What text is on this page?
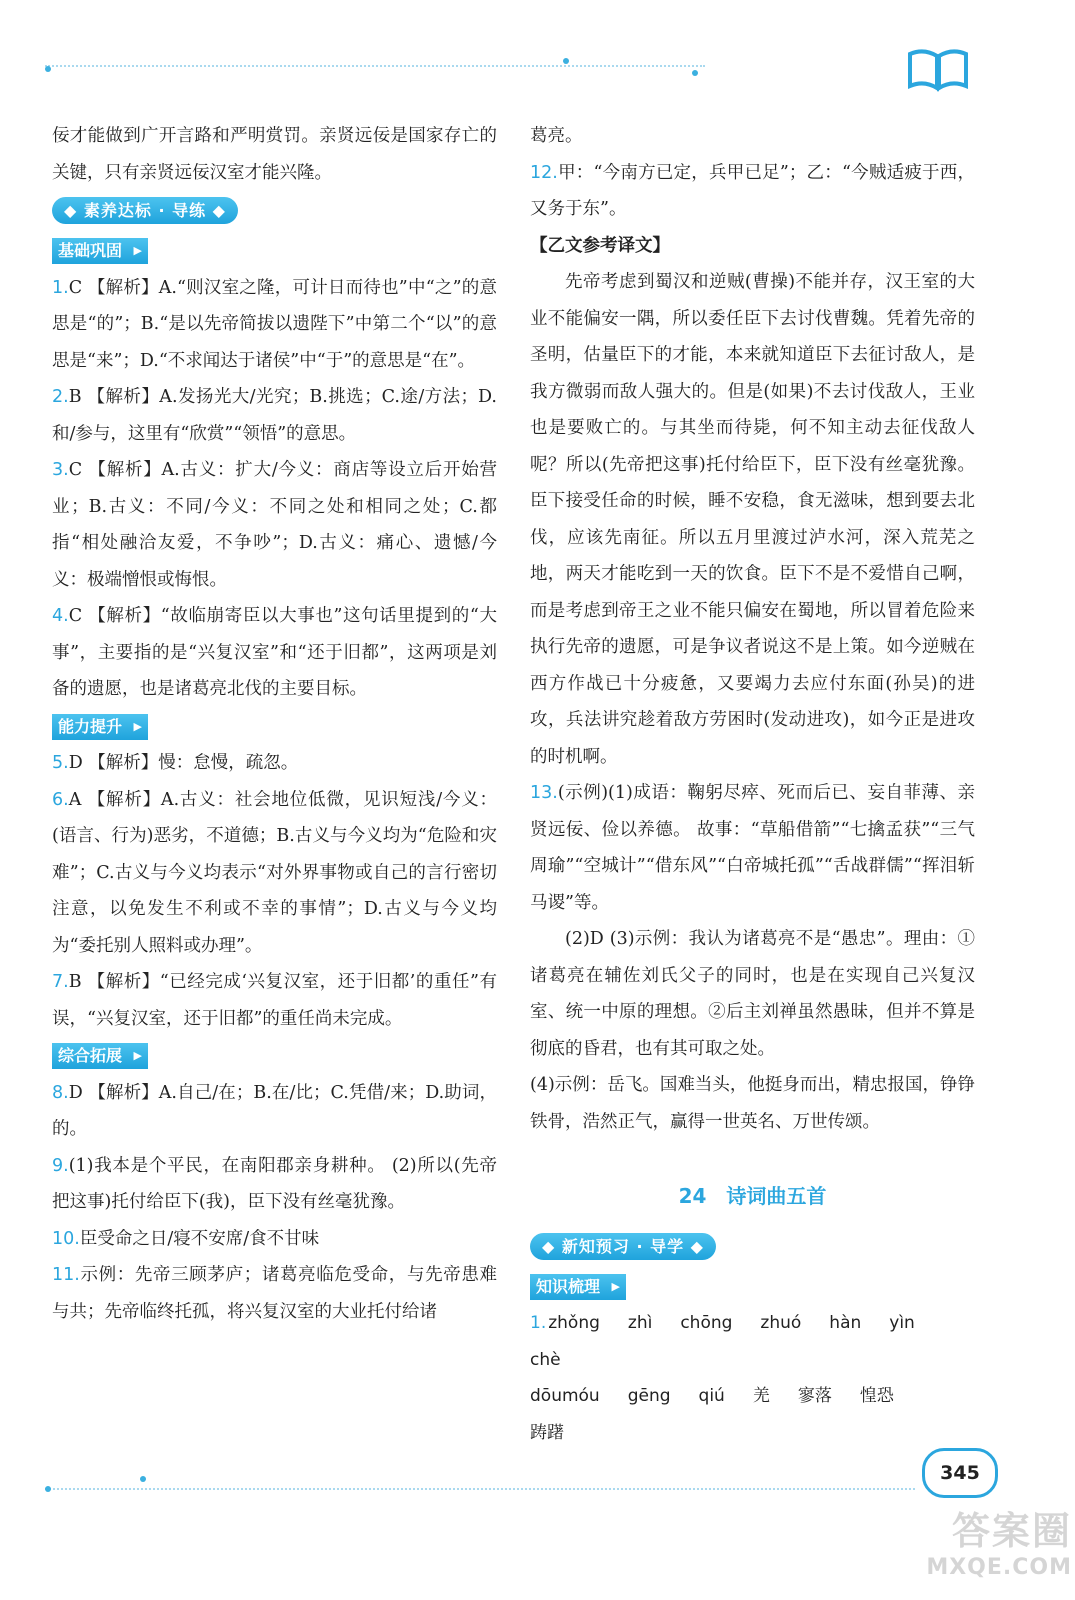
佞才能做到广开言路和严明赏罚。亲贤远佞是国家存亡的关键，只有亲贤远佞汉室才能兴隆。

◆ 素养达标 · 导练 ◆
基础巩固 ▶

1.C 【解析】A.“则汉室之隆，可计日而待也”中“之”的意思是“的”；B.“是以先帝简拔以遗陛下”中第二个“以”的意思是“来”；D.“不求闻达于诸侯”中“于”的意思是“在”。

2.B 【解析】A.发扬光大/光究；B.挑选；C.途/方法；D.和/参与，这里有“欣赏”“领悟”的意思。

3.C 【解析】A.古义：扩大/今义：商店等设立后开始营业；B.古义：不同/今义：不同之处和相同之处；C.都指“相处融洽友爱，不争吵”；D.古义：痛心、遗憾/今义：极端憎恨或悔恨。

4.C 【解析】“故临崩寄臣以大事也”这句话里提到的“大事”，主要指的是“兴复汉室”和“还于旧都”，这两项是刘备的遗愿，也是诸葛亮北伐的主要目标。

能力提升 ▶

5.D 【解析】慢：怠慢，疏忽。

6.A 【解析】A.古义：社会地位低微，见识短浅/今义：(语言、行为)恶劣，不道德；B.古义与今义均为“危险和灾难”；C.古义与今义均表示“对外界事物或自己的言行密切注意，以免发生不利或不幸的事情”；D.古义与今义均为“委托别人照料或办理”。

7.B 【解析】“已经完成‘兴复汉室，还于旧都’的重任”有误，“兴复汉室，还于旧都”的重任尚未完成。

综合拓展 ▶

8.D 【解析】A.自己/在；B.在/比；C.凭借/来；D.助词，的。

9.(1)我本是个平民，在南阳郡亲身耕种。 (2)所以(先帝把这事)托付给臣下(我)，臣下没有丝毫犹豫。

10.臣受命之日/寝不安席/食不甘味

11.示例：先帝三顾茅庐；诸葛亮临危受命，与先帝患难与共；先帝临终托孤，将兴复汉室的大业托付给诸

葛亮。

12.甲：“今南方已定，兵甲已足”；乙：“今贼适疲于西，又务于东”。

【乙文参考译文】

先帝考虑到蜀汉和逆贼(曹操)不能并存，汉王室的大业不能偏安一隅，所以委任臣下去讨伐曹魏。凭着先帝的圣明，估量臣下的才能，本来就知道臣下去征讨敌人，是我方微弱而敌人强大的。但是(如果)不去讨伐敌人，王业也是要败亡的。与其坐而待毙，何不知主动去征伐敌人呢？所以(先帝把这事)托付给臣下，臣下没有丝毫犹豫。臣下接受任命的时候，睡不安稳，食无滋味，想到要去北伐，应该先南征。所以五月里渡过泸水河，深入荒芜之地，两天才能吃到一天的饮食。臣下不是不爱惜自己啊，而是考虑到帝王之业不能只偏安在蜀地，所以冒着危险来执行先帝的遗愿，可是争议者说这不是上策。如今逆贼在西方作战已十分疲惫，又要竭力去应付东面(孙吴)的进攻，兵法讲究趁着敌方劳困时(发动进攻)，如今正是进攻的时机啊。

13.(示例)(1)成语：鞠躬尽瘁、死而后已、妄自菲薄、亲贤远佞、俭以养德。 故事：“草船借箭”“七擒孟获”“三气周瑜”“空城计”“借东风”“白帝城托孤”“舌战群儒”“挥泪斩马谡”等。

(2)D (3)示例：我认为诸葛亮不是“愚忠”。理由：①诸葛亮在辅佐刘氏父子的同时，也是在实现自己兴复汉室、统一中原的理想。②后主刘禅虽然愚昧，但并不算是彻底的昏君，也有其可取之处。

(4)示例：岳飞。国难当头，他挺身而出，精忠报国，铮铮铁骨，浩然正气，赢得一世英名、万世传颂。

24　诗词曲五首
◆ 新知预习 · 导学 ◆
知识梳理 ▶
1. zhǒng zhì chōng zhuó hàn yìn
chè
dōumóu gēng qiú 羌 寥落 惶恐
踌躇
345
答案圈
MXQE.COM
